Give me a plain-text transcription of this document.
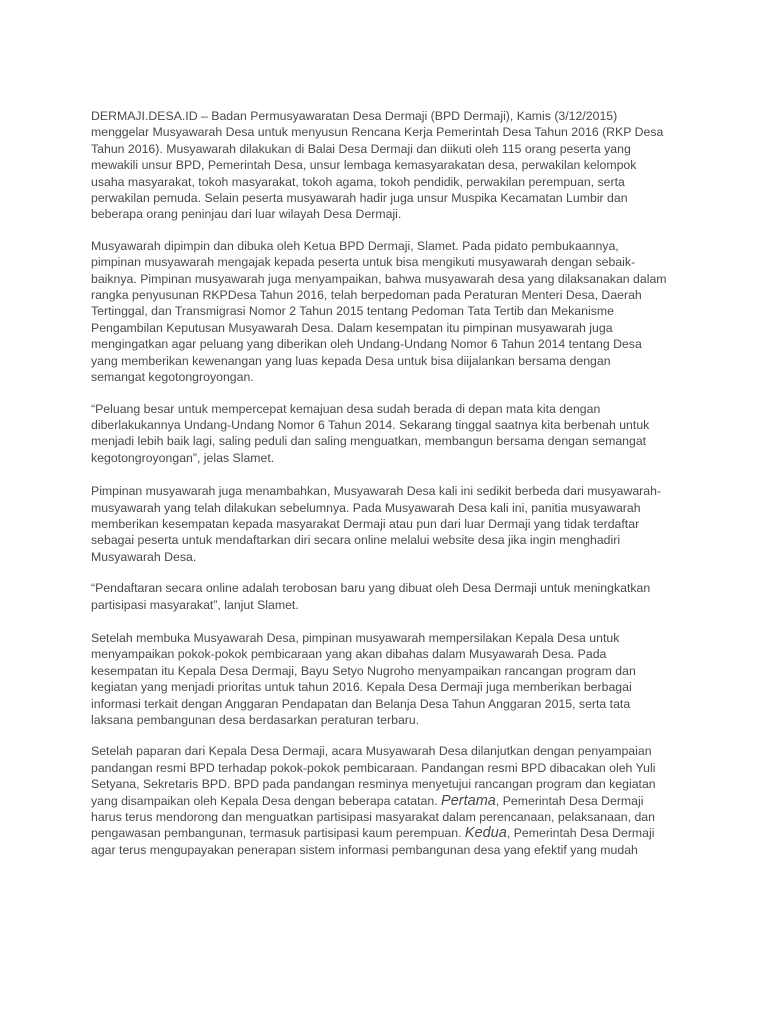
DERMAJI.DESA.ID – Badan Permusyawaratan Desa Dermaji (BPD Dermaji), Kamis (3/12/2015)
menggelar Musyawarah Desa untuk menyusun Rencana Kerja Pemerintah Desa Tahun 2016 (RKP Desa
Tahun 2016). Musyawarah dilakukan di Balai Desa Dermaji dan diikuti oleh 115 orang peserta yang
mewakili unsur BPD, Pemerintah Desa, unsur lembaga kemasyarakatan desa, perwakilan kelompok
usaha masyarakat, tokoh masyarakat, tokoh agama, tokoh pendidik, perwakilan perempuan, serta
perwakilan pemuda. Selain peserta musyawarah hadir juga unsur Muspika Kecamatan Lumbir dan
beberapa orang peninjau dari luar wilayah Desa Dermaji.

Musyawarah dipimpin dan dibuka oleh Ketua BPD Dermaji, Slamet. Pada pidato pembukaannya,
pimpinan musyawarah mengajak kepada peserta untuk bisa mengikuti musyawarah dengan sebaik-
baiknya. Pimpinan musyawarah juga menyampaikan, bahwa musyawarah desa yang dilaksanakan dalam
rangka penyusunan RKPDesa Tahun 2016, telah berpedoman pada Peraturan Menteri Desa, Daerah
Tertinggal, dan Transmigrasi Nomor 2 Tahun 2015 tentang Pedoman Tata Tertib dan Mekanisme
Pengambilan Keputusan Musyawarah Desa. Dalam kesempatan itu pimpinan musyawarah juga
mengingatkan agar peluang yang diberikan oleh Undang-Undang Nomor 6 Tahun 2014 tentang Desa
yang memberikan kewenangan yang luas kepada Desa untuk bisa diijalankan bersama dengan
semangat kegotongroyongan.

“Peluang besar untuk mempercepat kemajuan desa sudah berada di depan mata kita dengan
diberlakukannya Undang-Undang Nomor 6 Tahun 2014. Sekarang tinggal saatnya kita berbenah untuk
menjadi lebih baik lagi, saling peduli dan saling menguatkan, membangun bersama dengan semangat
kegotongroyongan”, jelas Slamet.

Pimpinan musyawarah juga menambahkan, Musyawarah Desa kali ini sedikit berbeda dari musyawarah-
musyawarah yang telah dilakukan sebelumnya. Pada Musyawarah Desa kali ini, panitia musyawarah
memberikan kesempatan kepada masyarakat Dermaji atau pun dari luar Dermaji yang tidak terdaftar
sebagai peserta untuk mendaftarkan diri secara online melalui website desa jika ingin menghadiri
Musyawarah Desa.

“Pendaftaran secara online adalah terobosan baru yang dibuat oleh Desa Dermaji untuk meningkatkan
partisipasi masyarakat”, lanjut Slamet.

Setelah membuka Musyawarah Desa, pimpinan musyawarah mempersilakan Kepala Desa untuk
menyampaikan pokok-pokok pembicaraan yang akan dibahas dalam Musyawarah Desa. Pada
kesempatan itu Kepala Desa Dermaji, Bayu Setyo Nugroho menyampaikan rancangan program dan
kegiatan yang menjadi prioritas untuk tahun 2016. Kepala Desa Dermaji juga memberikan berbagai
informasi terkait dengan Anggaran Pendapatan dan Belanja Desa Tahun Anggaran 2015, serta tata
laksana pembangunan desa berdasarkan peraturan terbaru.

Setelah paparan dari Kepala Desa Dermaji, acara Musyawarah Desa dilanjutkan dengan penyampaian
pandangan resmi BPD terhadap pokok-pokok pembicaraan. Pandangan resmi BPD dibacakan oleh Yuli
Setyana, Sekretaris BPD. BPD pada pandangan resminya menyetujui rancangan program dan kegiatan
yang disampaikan oleh Kepala Desa dengan beberapa catatan. Pertama, Pemerintah Desa Dermaji
harus terus mendorong dan menguatkan partisipasi masyarakat dalam perencanaan, pelaksanaan, dan
pengawasan pembangunan, termasuk partisipasi kaum perempuan. Kedua, Pemerintah Desa Dermaji
agar terus mengupayakan penerapan sistem informasi pembangunan desa yang efektif yang mudah
